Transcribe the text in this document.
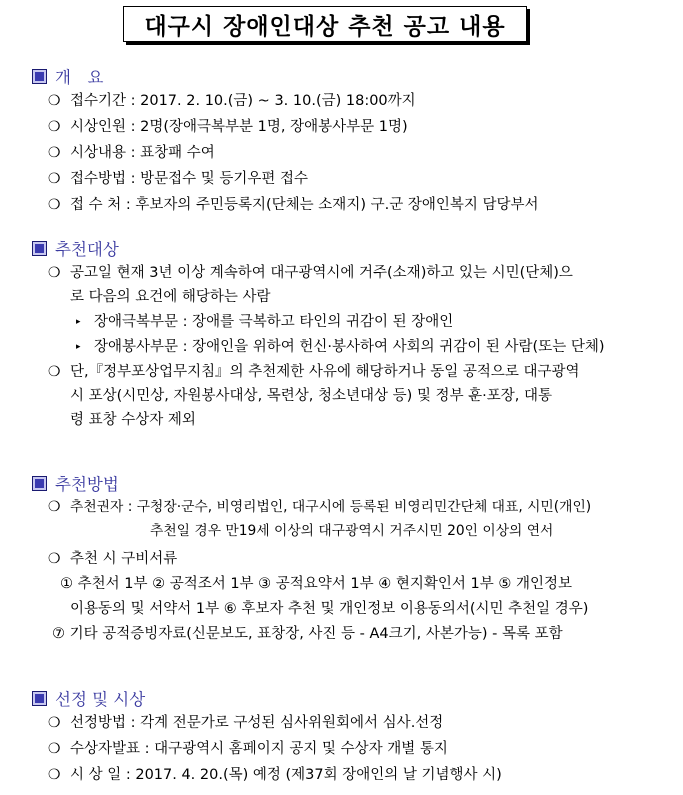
대구시 장애인대상 추천 공고 내용
개　요
❍ 접수기간 : 2017. 2. 10.(금) ~ 3. 10.(금) 18:00까지
❍ 시상인원 : 2명(장애극복부분 1명, 장애봉사부문 1명)
❍ 시상내용 : 표창패 수여
❍ 접수방법 : 방문접수 및 등기우편 접수
❍ 접 수 처 : 후보자의 주민등록지(단체는 소재지) 구.군 장애인복지 담당부서
추천대상
❍ 공고일 현재 3년 이상 계속하여 대구광역시에 거주(소재)하고 있는 시민(단체)으
로 다음의 요건에 해당하는 사람
▸ 장애극복부문 : 장애를 극복하고 타인의 귀감이 된 장애인
▸ 장애봉사부문 : 장애인을 위하여 헌신·봉사하여 사회의 귀감이 된 사람(또는 단체)
❍ 단,『정부포상업무지침』의 추천제한 사유에 해당하거나 동일 공적으로 대구광역
시 포상(시민상, 자원봉사대상, 목련상, 청소년대상 등) 및 정부 훈·포장, 대통
령 표창 수상자 제외
추천방법
❍ 추천권자 : 구청장·군수, 비영리법인, 대구시에 등록된 비영리민간단체 대표, 시민(개인)
추천일 경우 만19세 이상의 대구광역시 거주시민 20인 이상의 연서
❍ 추천 시 구비서류
① 추천서 1부 ② 공적조서 1부 ③ 공적요약서 1부 ④ 현지확인서 1부 ⑤ 개인정보
이용동의 및 서약서 1부 ⑥ 후보자 추천 및 개인정보 이용동의서(시민 추천일 경우)
⑦ 기타 공적증빙자료(신문보도, 표창장, 사진 등 - A4크기, 사본가능) - 목록 포함
선정 및 시상
❍ 선정방법 : 각계 전문가로 구성된 심사위원회에서 심사.선정
❍ 수상자발표 : 대구광역시 홈페이지 공지 및 수상자 개별 통지
❍ 시 상 일 : 2017. 4. 20.(목) 예정 (제37회 장애인의 날 기념행사 시)
